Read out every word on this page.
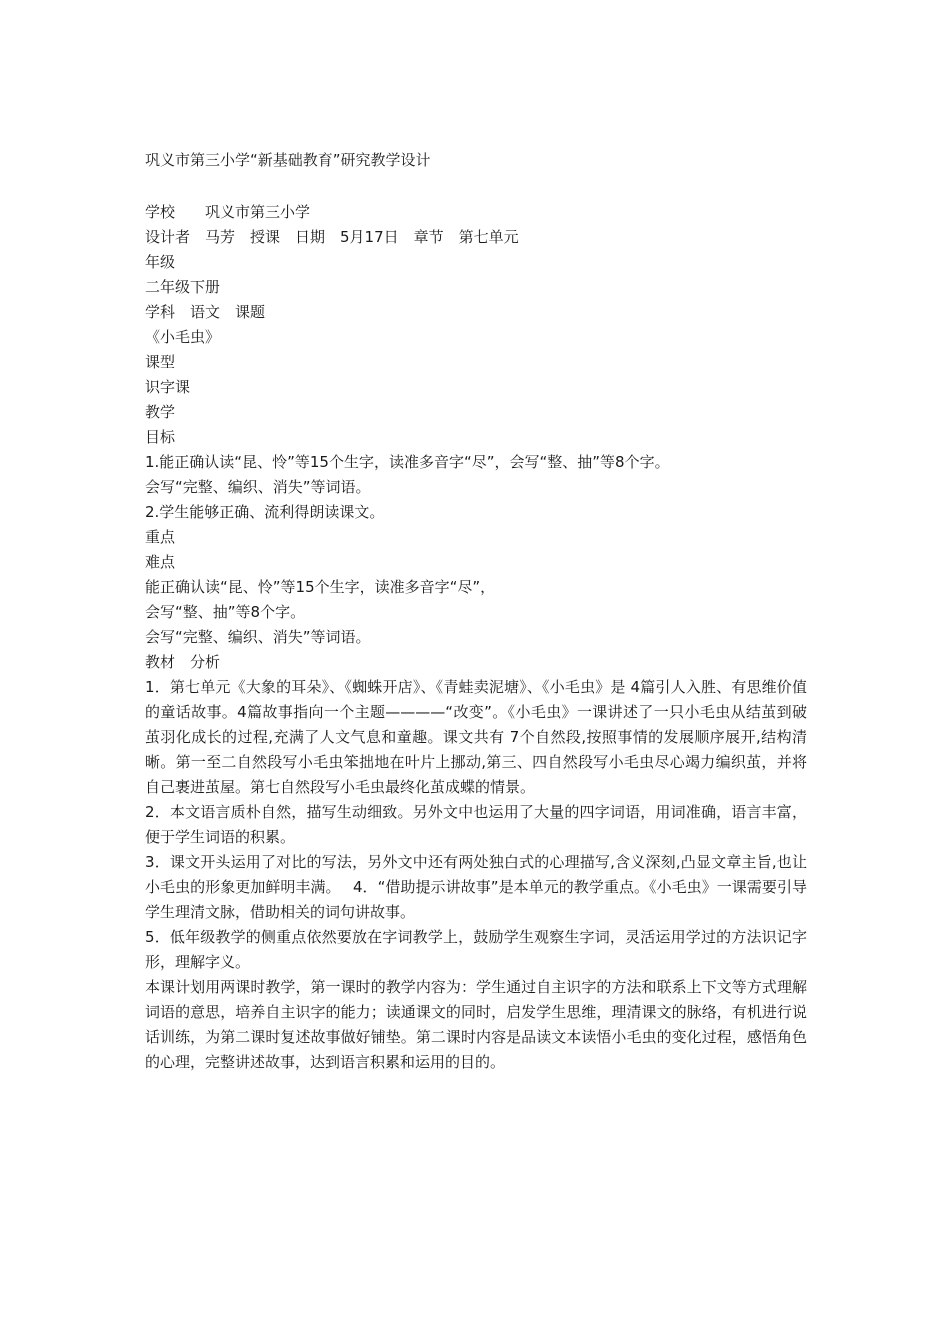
巩义市第三小学“新基础教育”研究教学设计
学校　　巩义市第三小学
设计者　马芳　授课　日期　5月17日　章节　第七单元
年级
二年级下册
学科　语文　课题
《小毛虫》
课型
识字课
教学
目标
1.能正确认读“昆、怜”等15个生字，读准多音字“尽”，会写“整、抽”等8个字。
会写“完整、编织、消失”等词语。
2.学生能够正确、流利得朗读课文。
重点
难点
能正确认读“昆、怜”等15个生字，读准多音字“尽”，
会写“整、抽”等8个字。
会写“完整、编织、消失”等词语。
教材　分析
1．第七单元《大象的耳朵》、《蜘蛛开店》、《青蛙卖泥塘》、《小毛虫》是 4篇引人入胜、有思维价值的童话故事。4篇故事指向一个主题————“改变”。《小毛虫》一课讲述了一只小毛虫从结茧到破茧羽化成长的过程,充满了人文气息和童趣。课文共有 7个自然段,按照事情的发展顺序展开,结构清晰。第一至二自然段写小毛虫笨拙地在叶片上挪动,第三、四自然段写小毛虫尽心竭力编织茧，并将自己裹进茧屋。第七自然段写小毛虫最终化茧成蝶的情景。
2．本文语言质朴自然，描写生动细致。另外文中也运用了大量的四字词语，用词准确，语言丰富，便于学生词语的积累。
3．课文开头运用了对比的写法，另外文中还有两处独白式的心理描写,含义深刻,凸显文章主旨,也让小毛虫的形象更加鲜明丰满。　 4．“借助提示讲故事”是本单元的教学重点。《小毛虫》一课需要引导学生理清文脉，借助相关的词句讲故事。
5．低年级教学的侧重点依然要放在字词教学上，鼓励学生观察生字词，灵活运用学过的方法识记字形，理解字义。
本课计划用两课时教学，第一课时的教学内容为：学生通过自主识字的方法和联系上下文等方式理解词语的意思，培养自主识字的能力；读通课文的同时，启发学生思维，理清课文的脉络，有机进行说话训练，为第二课时复述故事做好铺垫。第二课时内容是品读文本读悟小毛虫的变化过程，感悟角色的心理，完整讲述故事，达到语言积累和运用的目的。
